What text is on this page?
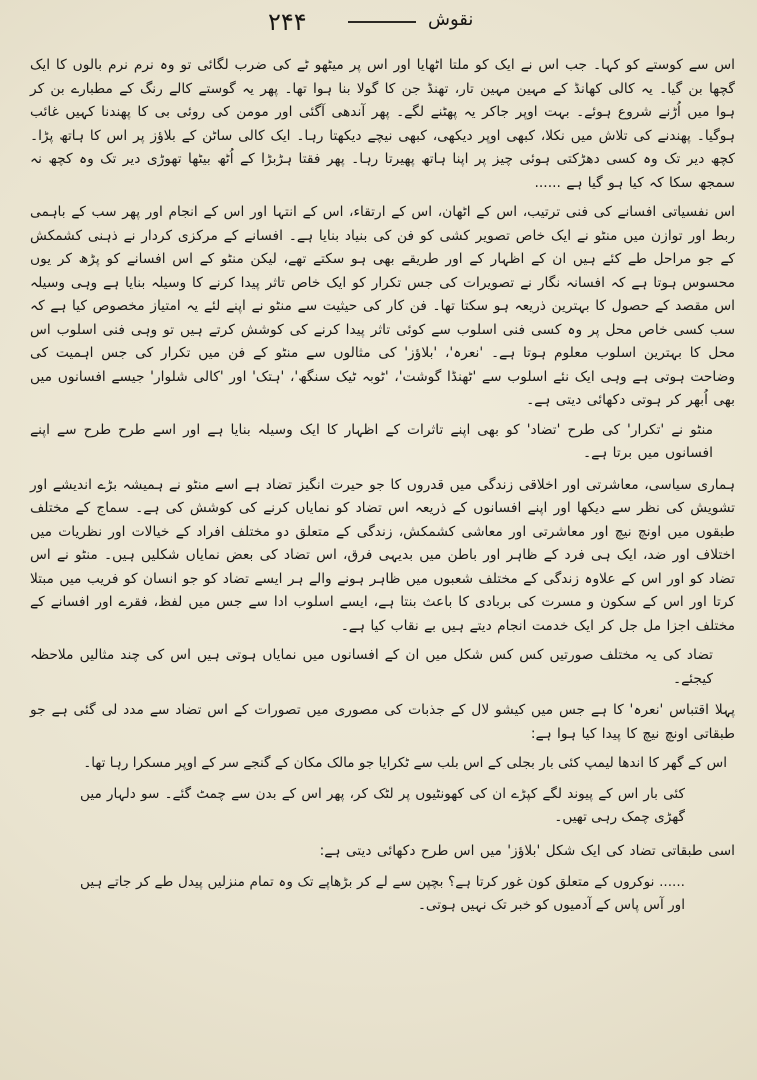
نقوش
۲۴۴

اس سے کوستے کو کہا۔ جب اس نے ایک کو ملتا اٹھایا اور اس پر میٹھو ٹے کی ضرب لگائی تو وہ نرم نرم بالوں کا ایک گچھا بن گیا۔ یہ کالی کھانڈ کے مہین مہین تار، تھنڈ جن کا گولا بنا ہوا تھا۔ پھر یہ گوستے کالے رنگ کے مطبارے بن کر ہوا میں اُڑنے شروع ہوئے۔ بہت اوپر جاکر یہ پھٹنے لگے۔ پھر آندھی آگئی اور مومن کی روئی بی کا پھندنا کہیں غائب ہوگیا۔ پھندنے کی تلاش میں نکلا، کبھی اوپر دیکھی، کبھی نیچے دیکھتا رہا۔ ایک کالی ساٹن کے بلاؤز پر اس کا ہاتھ پڑا۔ کچھ دیر تک وہ کسی دھڑکتی ہوئی چیز پر اپنا ہاتھ پھیرتا رہا۔ پھر فقتا ہڑبڑا کے اُٹھ بیٹھا تھوڑی دیر تک وہ کچھ نہ سمجھ سکا کہ کیا ہو گیا ہے ......

اس نفسیاتی افسانے کی فنی ترتیب، اس کے اٹھان، اس کے ارتقاء، اس کے انتہا اور اس کے انجام اور پھر سب کے باہمی ربط اور توازن میں منٹو نے ایک خاص تصویر کشی کو فن کی بنیاد بنایا ہے۔ افسانے کے مرکزی کردار نے ذہنی کشمکش کے جو مراحل طے کئے ہیں ان کے اظہار کے اور طریقے بھی ہو سکتے تھے، لیکن منٹو کے اس افسانے کو پڑھ کر یوں محسوس ہوتا ہے کہ افسانہ نگار نے تصویرات کی جس تکرار کو ایک خاص تاثر پیدا کرنے کا وسیلہ بنایا ہے وہی وسیلہ اس مقصد کے حصول کا بہترین ذریعہ ہو سکتا تھا۔ فن کار کی حیثیت سے منٹو نے اپنے لئے یہ امتیاز مخصوص کیا ہے کہ سب کسی خاص محل پر وہ کسی فنی اسلوب سے کوئی تاثر پیدا کرنے کی کوشش کرتے ہیں تو وہی فنی اسلوب اس محل کا بہترین اسلوب معلوم ہوتا ہے۔ 'نعرہ'، 'بلاؤز' کی مثالوں سے منٹو کے فن میں تکرار کی جس اہمیت کی وضاحت ہوتی ہے وہی ایک نئے اسلوب سے 'ٹھنڈا گوشت'، 'ٹوبہ ٹیک سنگھ'، 'ہتک' اور 'کالی شلوار' جیسے افسانوں میں بھی اُبھر کر ہوتی دکھائی دیتی ہے۔

منٹو نے 'تکرار' کی طرح 'تضاد' کو بھی اپنے تاثرات کے اظہار کا ایک وسیلہ بنایا ہے اور اسے طرح طرح سے اپنے افسانوں میں برتا ہے۔

ہماری سیاسی، معاشرتی اور اخلاقی زندگی میں قدروں کا جو حیرت انگیز تضاد ہے اسے منٹو نے ہمیشہ بڑے اندیشے اور تشویش کی نظر سے دیکھا اور اپنے افسانوں کے ذریعہ اس تضاد کو نمایاں کرنے کی کوشش کی ہے۔ سماج کے مختلف طبقوں میں اونچ نیچ اور معاشرتی اور معاشی کشمکش، زندگی کے متعلق دو مختلف افراد کے خیالات اور نظریات میں اختلاف اور ضد، ایک ہی فرد کے ظاہر اور باطن میں بدیہی فرق، اس تضاد کی بعض نمایاں شکلیں ہیں۔ منٹو نے اس تضاد کو اور اس کے علاوہ زندگی کے مختلف شعبوں میں ظاہر ہونے والے ہر ایسے تضاد کو جو انسان کو فریب میں مبتلا کرتا اور اس کے سکون و مسرت کی بربادی کا باعث بنتا ہے، ایسے اسلوب ادا سے جس میں لفظ، فقرے اور افسانے کے مختلف اجزا مل جل کر ایک خدمت انجام دیتے ہیں بے نقاب کیا ہے۔

تضاد کی یہ مختلف صورتیں کس کس شکل میں ان کے افسانوں میں نمایاں ہوتی ہیں اس کی چند مثالیں ملاحظہ کیجئے۔

پہلا اقتباس 'نعرہ' کا ہے جس میں کیشو لال کے جذبات کی مصوری میں تصورات کے اس تضاد سے مدد لی گئی ہے جو طبقاتی اونچ نیچ کا پیدا کیا ہوا ہے:

اس کے گھر کا اندھا لیمپ کئی بار بجلی کے اس بلب سے ٹکرایا جو مالک مکان کے گنجے سر کے اوپر مسکرا رہا تھا۔

کئی بار اس کے پیوند لگے کپڑے ان کی کھونٹیوں پر لٹک کر، پھر اس کے بدن سے چمٹ گئے۔ سو دلہار میں گھڑی چمک رہی تھیں۔

اسی طبقاتی تضاد کی ایک شکل 'بلاؤز' میں اس طرح دکھائی دیتی ہے:

...... نوکروں کے متعلق کون غور کرتا ہے؟ بچپن سے لے کر بڑھاپے تک وہ تمام منزلیں پیدل طے کر جاتے ہیں اور آس پاس کے آدمیوں کو خبر تک نہیں ہوتی۔
